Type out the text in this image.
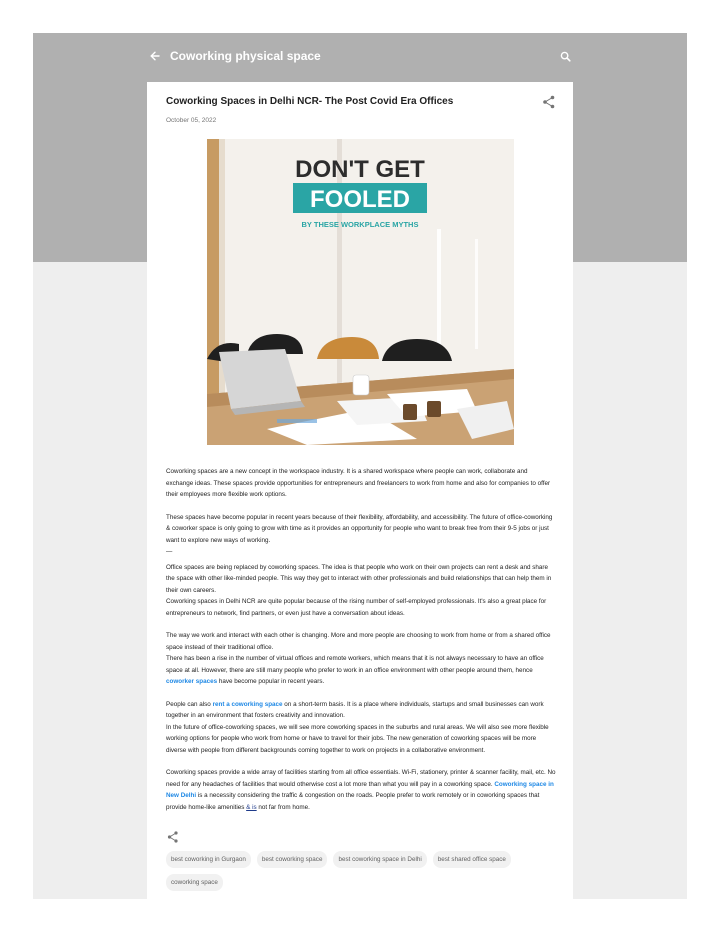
Coworking physical space
Coworking Spaces in Delhi NCR- The Post Covid Era Offices
October 05, 2022
DON'T GET
FOOLED
BY THESE WORKPLACE MYTHS

Coworking spaces are a new concept in the workspace industry. It is a shared workspace where people can work, collaborate and exchange ideas. These spaces provide opportunities for entrepreneurs and freelancers to work from home and also for companies to offer their employees more flexible work options.

These spaces have become popular in recent years because of their flexibility, affordability, and accessibility. The future of office-coworking & coworker space is only going to grow with time as it provides an opportunity for people who want to break free from their 9-5 jobs or just want to explore new ways of working.
—

Office spaces are being replaced by coworking spaces. The idea is that people who work on their own projects can rent a desk and share the space with other like-minded people. This way they get to interact with other professionals and build relationships that can help them in their own careers.

Coworking spaces in Delhi NCR are quite popular because of the rising number of self-employed professionals. It's also a great place for entrepreneurs to network, find partners, or even just have a conversation about ideas.

The way we work and interact with each other is changing. More and more people are choosing to work from home or from a shared office space instead of their traditional office.

There has been a rise in the number of virtual offices and remote workers, which means that it is not always necessary to have an office space at all. However, there are still many people who prefer to work in an office environment with other people around them, hence coworker spaces have become popular in recent years.

People can also rent a coworking space on a short-term basis. It is a place where individuals, startups and small businesses can work together in an environment that fosters creativity and innovation.

In the future of office-coworking spaces, we will see more coworking spaces in the suburbs and rural areas. We will also see more flexible working options for people who work from home or have to travel for their jobs. The new generation of coworking spaces will be more diverse with people from different backgrounds coming together to work on projects in a collaborative environment.

Coworking spaces provide a wide array of facilities starting from all office essentials. Wi-Fi, stationery, printer & scanner facility, mail, etc. No need for any headaches of facilities that would otherwise cost a lot more than what you will pay in a coworking space. Coworking space in New Delhi is a necessity considering the traffic & congestion on the roads. People prefer to work remotely or in coworking spaces that provide home-like amenities & is not far from home.

best coworking in Gurgaon	best coworking space	best coworking space in Delhi	best shared office space
coworking space
